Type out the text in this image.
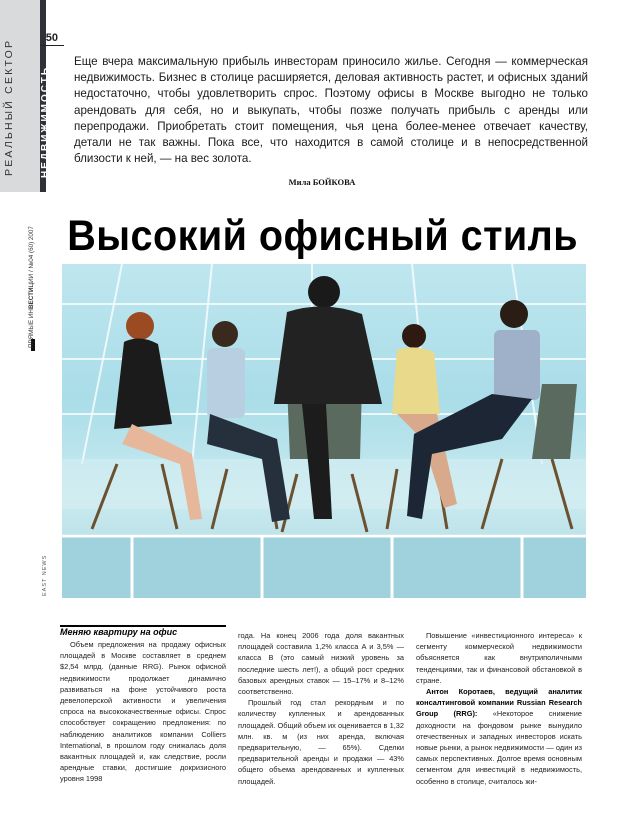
50
РЕАЛЬНЫЙ СЕКТОР	НЕДВИЖИМОСТЬ
ПРЯМЫЕ ИНВЕСТИЦИИ / №04 (60) 2007
Еще вчера максимальную прибыль инвесторам приносило жилье. Сегодня — коммерческая недвижимость. Бизнес в столице расширяется, деловая активность растет, и офисных зданий недостаточно, чтобы удовлетворить спрос. Поэтому офисы в Москве выгодно не только арендовать для себя, но и выкупать, чтобы позже получать прибыль с аренды или перепродажи. Приобретать стоит помещения, чья цена более-менее отвечает качеству, детали не так важны. Пока все, что находится в самой столице и в непосредственной близости к ней, — на вес золота.
Мила БОЙКОВА
Высокий офисный стиль
EAST NEWS
Меняю квартиру на офис

Объем предложения на продажу офисных площадей в Москве составляет в среднем $2,54 млрд. (данные RRG). Рынок офисной недвижимости продолжает динамично развиваться на фоне устойчивого роста девелоперской активности и увеличения спроса на высококачественные офисы. Спрос способствует сокращению предложения: по наблюдению аналитиков компании Colliers International, в прошлом году снижалась доля вакантных площадей и, как следствие, росли арендные ставки, достигшие докризисного уровня 1998

года. На конец 2006 года доля вакантных площадей составила 1,2% класса A и 3,5% — класса B (это самый низкий уровень за последние шесть лет!), а общий рост средних базовых арендных ставок — 15–17% и 8–12% соответственно.

Прошлый год стал рекордным и по количеству купленных и арендованных площадей. Общий объем их оценивается в 1,32 млн. кв. м (из них аренда, включая предварительную, — 65%). Сделки предварительной аренды и продажи — 43% общего объема арендованных и купленных площадей.

Повышение «инвестиционного интереса» к сегменту коммерческой недвижимости объясняется как внутриполичными тенденциями, так и финансовой обстановкой в стране.

Антон Коротаев, ведущий аналитик консалтинговой компании Russian Research Group (RRG): «Некоторое снижение доходности на фондовом рынке вынудило отечественных и западных инвесторов искать новые рынки, а рынок недвижимости — один из самых перспективных. Долгое время основным сегментом для инвестиций в недвижимость, особенно в столице, считалось жи-
